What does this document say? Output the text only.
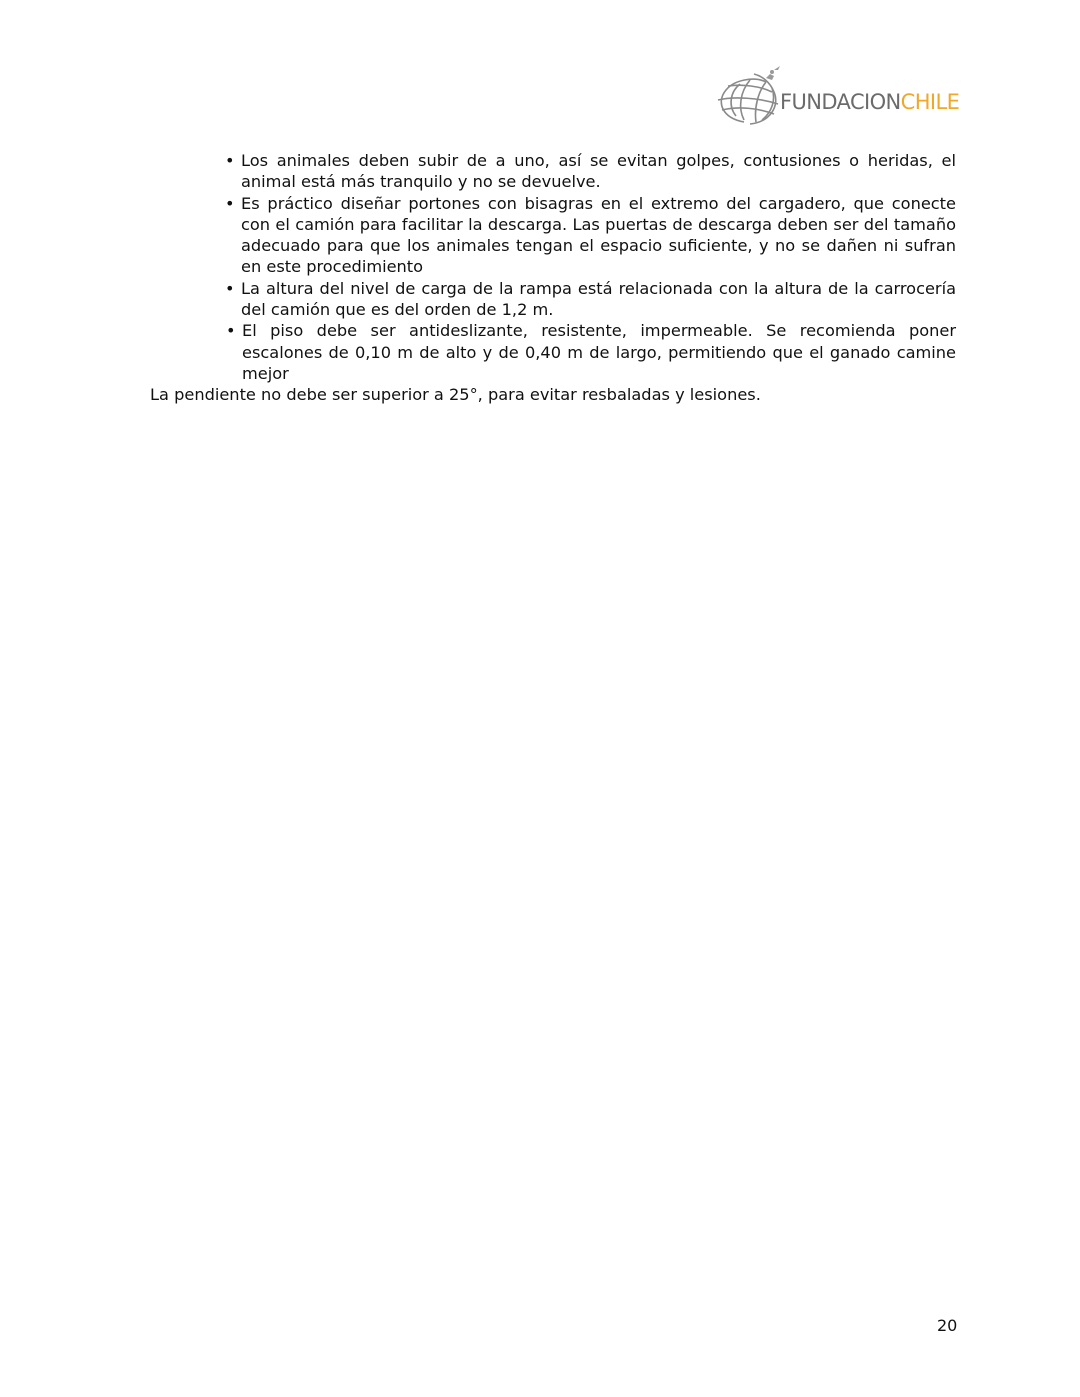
FUNDACIONCHILE
• Los animales deben subir de a uno, así se evitan golpes, contusiones o heridas, el animal está más tranquilo y no se devuelve.
• Es práctico diseñar portones con bisagras en el extremo del cargadero, que conecte con el camión para facilitar la descarga. Las puertas de descarga deben ser del tamaño adecuado para que los animales tengan el espacio suficiente, y no se dañen ni sufran en este procedimiento
• La altura del nivel de carga de la rampa está relacionada con la altura de la carrocería del camión que es del orden de 1,2 m.
• El piso debe ser antideslizante, resistente, impermeable. Se recomienda poner escalones de 0,10 m de alto y de 0,40 m de largo, permitiendo que el ganado camine mejor

La pendiente no debe ser superior a 25°, para evitar resbaladas y lesiones.

20
